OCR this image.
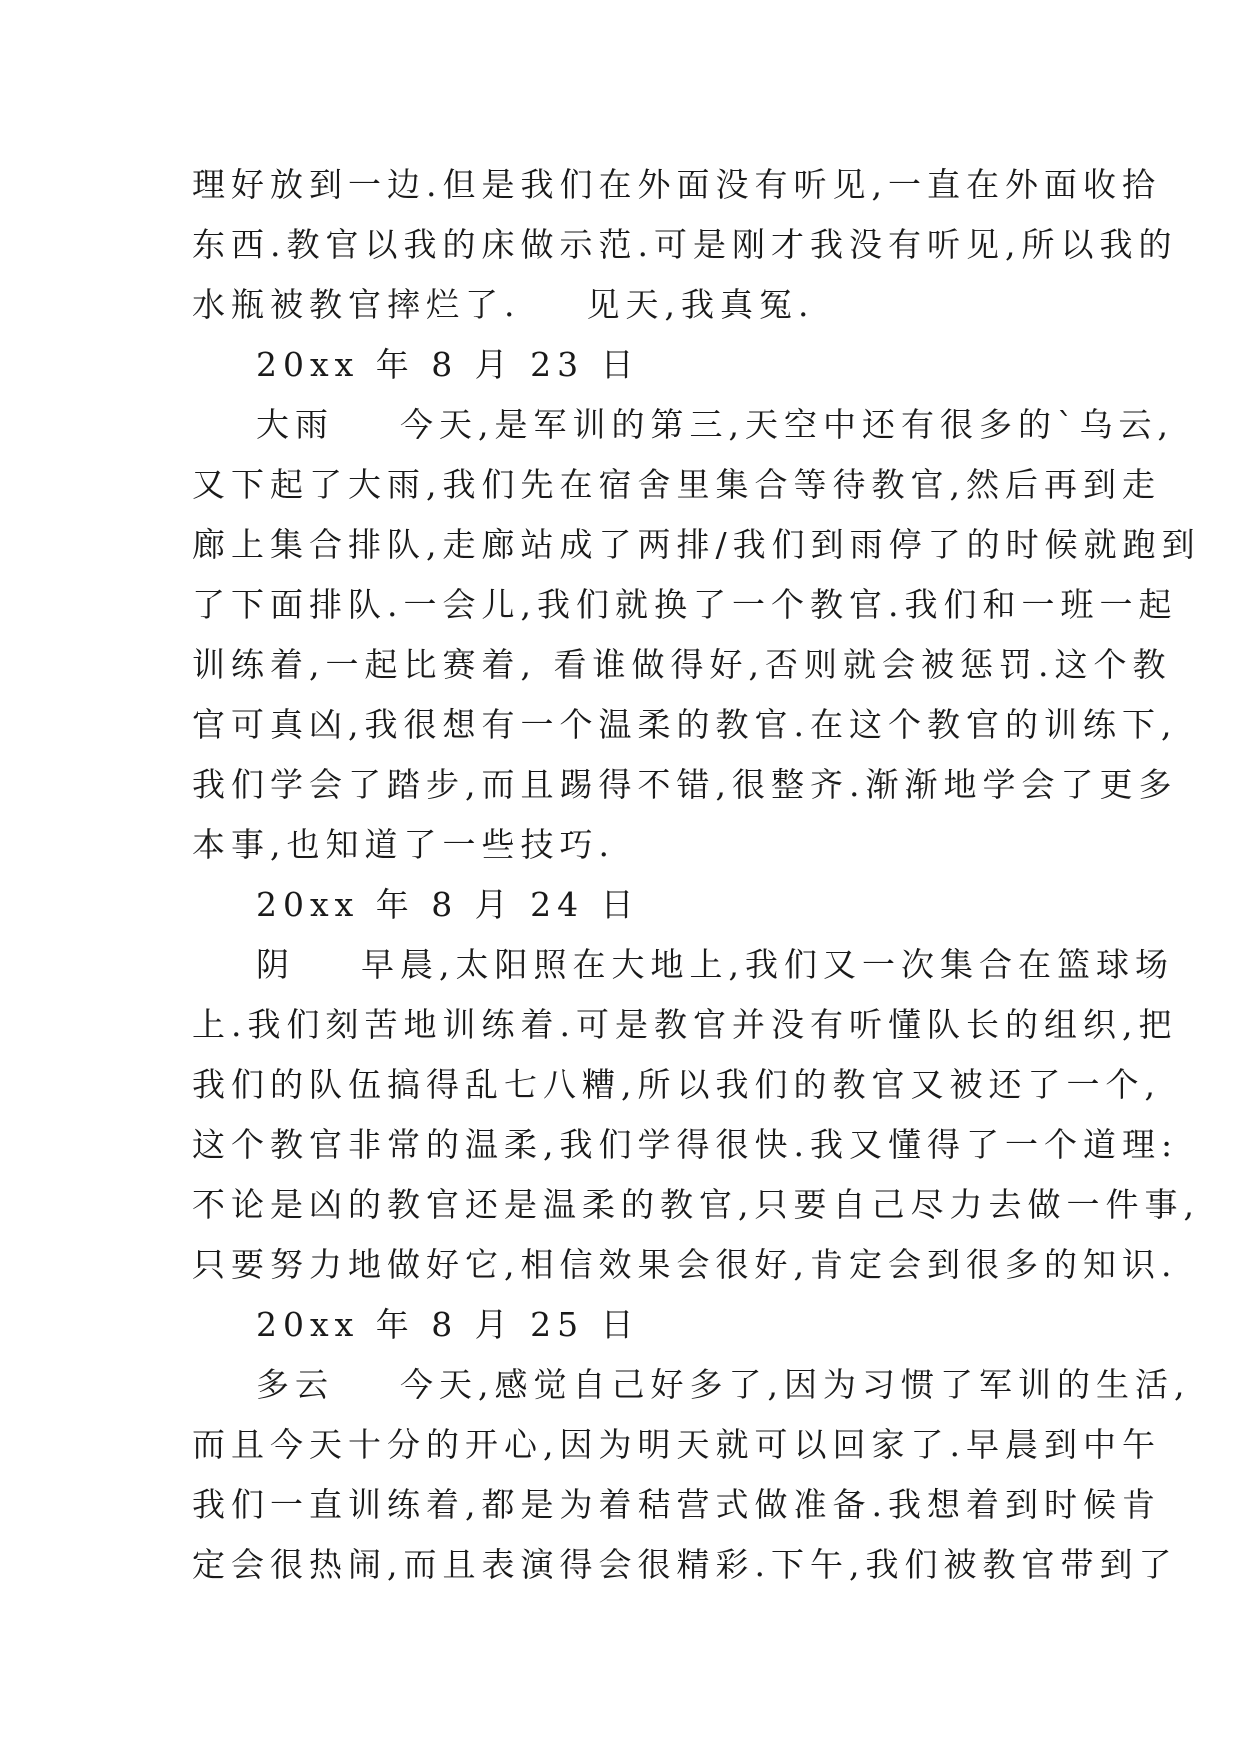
理好放到一边.但是我们在外面没有听见,一直在外面收拾
东西.教官以我的床做示范.可是刚才我没有听见,所以我的
水瓶被教官摔烂了.    见天,我真冤.
20xx 年 8 月 23 日
大雨    今天,是军训的第三,天空中还有很多的`乌云,
又下起了大雨,我们先在宿舍里集合等待教官,然后再到走
廊上集合排队,走廊站成了两排/我们到雨停了的时候就跑到
了下面排队.一会儿,我们就换了一个教官.我们和一班一起
训练着,一起比赛着, 看谁做得好,否则就会被惩罚.这个教
官可真凶,我很想有一个温柔的教官.在这个教官的训练下,
我们学会了踏步,而且踢得不错,很整齐.渐渐地学会了更多
本事,也知道了一些技巧.
20xx 年 8 月 24 日
阴    早晨,太阳照在大地上,我们又一次集合在篮球场
上.我们刻苦地训练着.可是教官并没有听懂队长的组织,把
我们的队伍搞得乱七八糟,所以我们的教官又被还了一个,
这个教官非常的温柔,我们学得很快.我又懂得了一个道理:
不论是凶的教官还是温柔的教官,只要自己尽力去做一件事,
只要努力地做好它,相信效果会很好,肯定会到很多的知识.
20xx 年 8 月 25 日
多云    今天,感觉自己好多了,因为习惯了军训的生活,
而且今天十分的开心,因为明天就可以回家了.早晨到中午
我们一直训练着,都是为着秸营式做准备.我想着到时候肯
定会很热闹,而且表演得会很精彩.下午,我们被教官带到了
